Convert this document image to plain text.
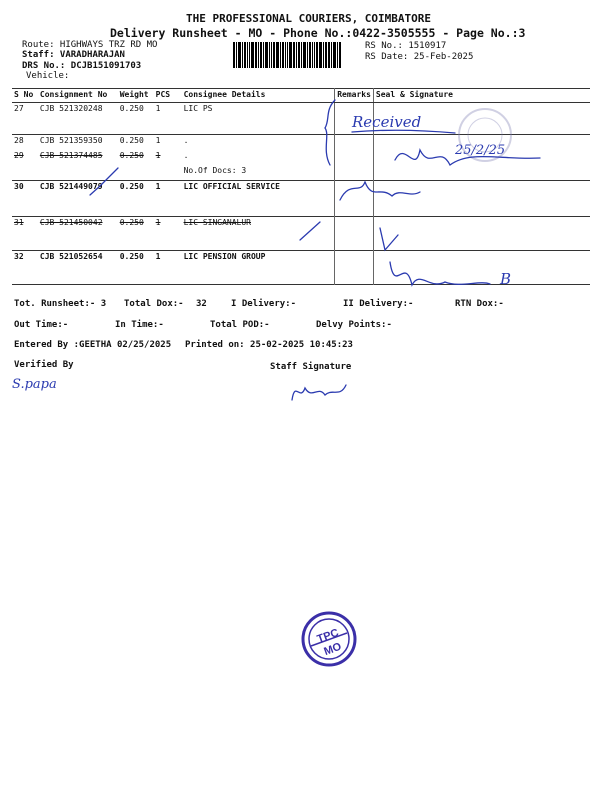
THE PROFESSIONAL COURIERS, COIMBATORE
Delivery Runsheet - MO - Phone No.:0422-3505555 - Page No.:3
Route: HIGHWAYS TRZ RD MO
Staff: VARADHARAJAN
DRS No.: DCJB151091703
Vehicle:
RS No.: 1510917
RS Date: 25-Feb-2025
S No	Consignment No	Weight	PCS	Consignee Details	Remarks	Seal & Signature
27	CJB 521320248	0.250	1	LIC PS		

28	CJB 521359350	0.250	1	.		
29	CJB 521374485	0.250	1	.		
				No.Of Docs: 3		
30	CJB 521449079	0.250	1	LIC OFFICIAL SERVICE		

31	CJB 521450042	0.250	1	LIC SINGANALUR		

32	CJB 521052654	0.250	1	LIC PENSION GROUP		

Tot. Runsheet:- 3 Total Dox:- 32	I Delivery:-	II Delivery:-	RTN Dox:-
Out Time:-	In Time:-	Total POD:-	Delvy Points:-
Entered By :GEETHA 02/25/2025 Printed on: 25-02-2025 10:45:23
Verified By	Staff Signature
Received
25/2/25
B
S.papa
TPC
MO
